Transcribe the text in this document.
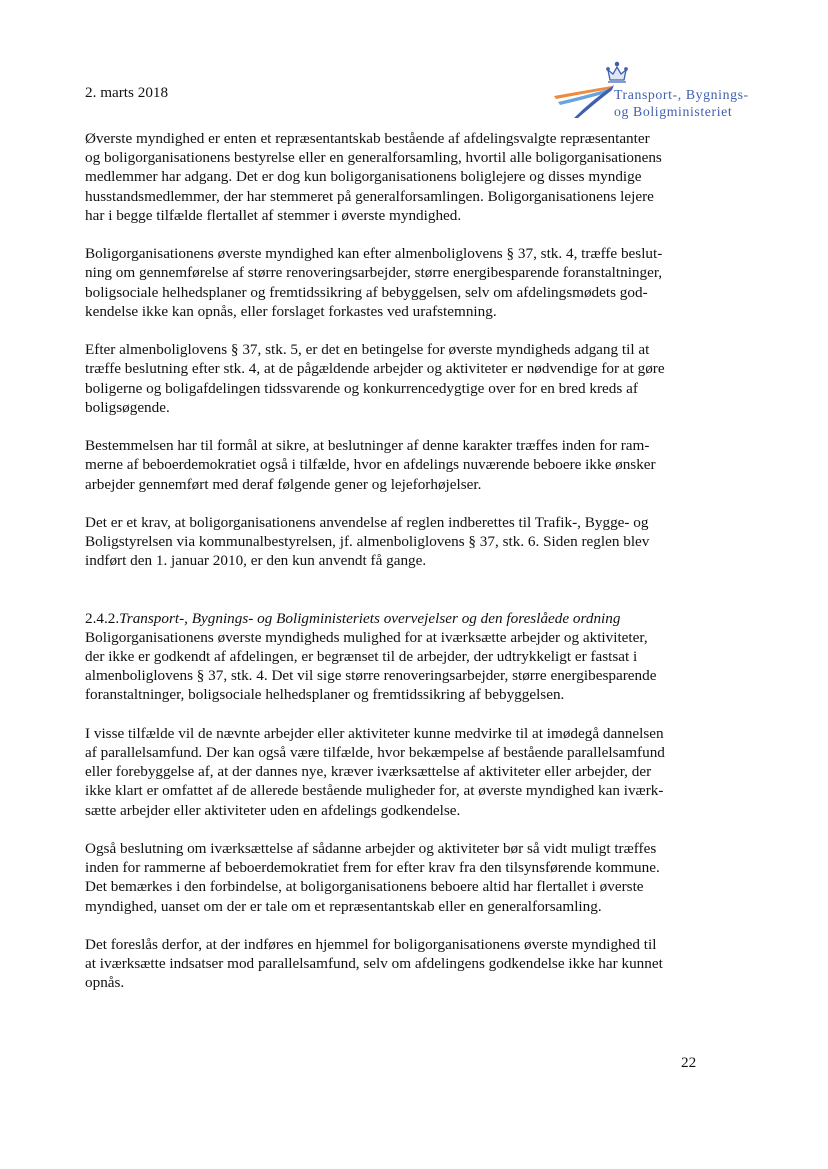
2. marts 2018	Transport-, Bygnings-
og Boligministeriet

Øverste myndighed er enten et repræsentantskab bestående af afdelingsvalgte repræsentanter
og boligorganisationens bestyrelse eller en generalforsamling, hvortil alle boligorganisationens
medlemmer har adgang. Det er dog kun boligorganisationens boliglejere og disses myndige
husstandsmedlemmer, der har stemmeret på generalforsamlingen. Boligorganisationens lejere
har i begge tilfælde flertallet af stemmer i øverste myndighed.

Boligorganisationens øverste myndighed kan efter almenboliglovens § 37, stk. 4, træffe beslut-
ning om gennemførelse af større renoveringsarbejder, større energibesparende foranstaltninger,
boligsociale helhedsplaner og fremtidssikring af bebyggelsen, selv om afdelingsmødets god-
kendelse ikke kan opnås, eller forslaget forkastes ved urafstemning.

Efter almenboliglovens § 37, stk. 5, er det en betingelse for øverste myndigheds adgang til at
træffe beslutning efter stk. 4, at de pågældende arbejder og aktiviteter er nødvendige for at gøre
boligerne og boligafdelingen tidssvarende og konkurrencedygtige over for en bred kreds af
boligsøgende.

Bestemmelsen har til formål at sikre, at beslutninger af denne karakter træffes inden for ram-
merne af beboerdemokratiet også i tilfælde, hvor en afdelings nuværende beboere ikke ønsker
arbejder gennemført med deraf følgende gener og lejeforhøjelser.

Det er et krav, at boligorganisationens anvendelse af reglen indberettes til Trafik-, Bygge- og
Boligstyrelsen via kommunalbestyrelsen, jf. almenboliglovens § 37, stk. 6. Siden reglen blev
indført den 1. januar 2010, er den kun anvendt få gange.

2.4.2.Transport-, Bygnings- og Boligministeriets overvejelser og den foreslåede ordning
Boligorganisationens øverste myndigheds mulighed for at iværksætte arbejder og aktiviteter,
der ikke er godkendt af afdelingen, er begrænset til de arbejder, der udtrykkeligt er fastsat i
almenboliglovens § 37, stk. 4. Det vil sige større renoveringsarbejder, større energibesparende
foranstaltninger, boligsociale helhedsplaner og fremtidssikring af bebyggelsen.

I visse tilfælde vil de nævnte arbejder eller aktiviteter kunne medvirke til at imødegå dannelsen
af parallelsamfund. Der kan også være tilfælde, hvor bekæmpelse af bestående parallelsamfund
eller forebyggelse af, at der dannes nye, kræver iværksættelse af aktiviteter eller arbejder, der
ikke klart er omfattet af de allerede bestående muligheder for, at øverste myndighed kan iværk-
sætte arbejder eller aktiviteter uden en afdelings godkendelse.

Også beslutning om iværksættelse af sådanne arbejder og aktiviteter bør så vidt muligt træffes
inden for rammerne af beboerdemokratiet frem for efter krav fra den tilsynsførende kommune.
Det bemærkes i den forbindelse, at boligorganisationens beboere altid har flertallet i øverste
myndighed, uanset om der er tale om et repræsentantskab eller en generalforsamling.

Det foreslås derfor, at der indføres en hjemmel for boligorganisationens øverste myndighed til
at iværksætte indsatser mod parallelsamfund, selv om afdelingens godkendelse ikke har kunnet
opnås.

22
